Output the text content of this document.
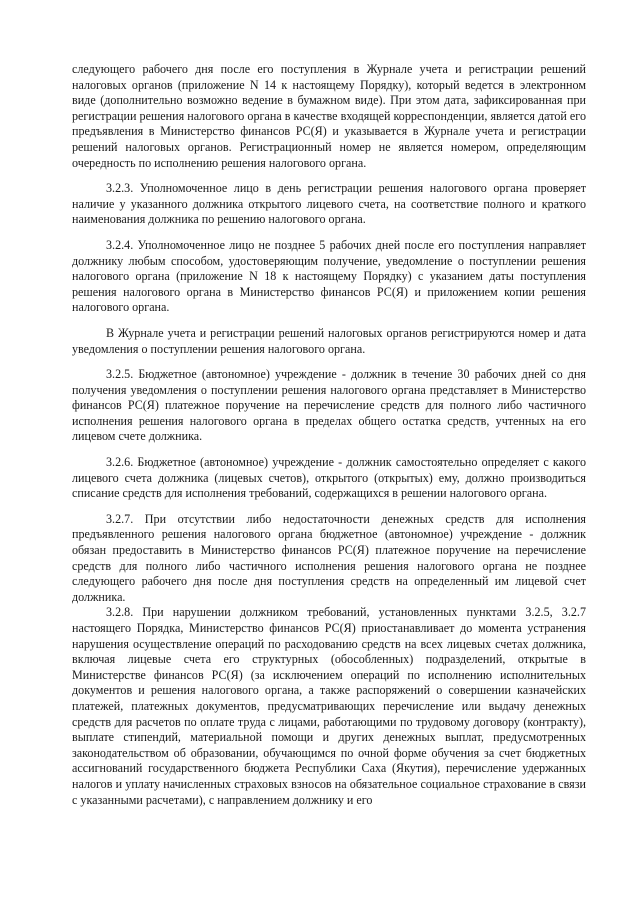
следующего рабочего дня после его поступления в Журнале учета и регистрации решений налоговых органов (приложение N 14 к настоящему Порядку), который ведется в электронном виде (дополнительно возможно ведение в бумажном виде). При этом дата, зафиксированная при регистрации решения налогового органа в качестве входящей корреспонденции, является датой его предъявления в Министерство финансов РС(Я) и указывается в Журнале учета и регистрации решений налоговых органов. Регистрационный номер не является номером, определяющим очередность по исполнению решения налогового органа.

3.2.3. Уполномоченное лицо в день регистрации решения налогового органа проверяет наличие у указанного должника открытого лицевого счета, на соответствие полного и краткого наименования должника по решению налогового органа.

3.2.4. Уполномоченное лицо не позднее 5 рабочих дней после его поступления направляет должнику любым способом, удостоверяющим получение, уведомление о поступлении решения налогового органа (приложение N 18 к настоящему Порядку) с указанием даты поступления решения налогового органа в Министерство финансов РС(Я) и приложением копии решения налогового органа.

В Журнале учета и регистрации решений налоговых органов регистрируются номер и дата уведомления о поступлении решения налогового органа.

3.2.5. Бюджетное (автономное) учреждение - должник в течение 30 рабочих дней со дня получения уведомления о поступлении решения налогового органа представляет в Министерство финансов РС(Я) платежное поручение на перечисление средств для полного либо частичного исполнения решения налогового органа в пределах общего остатка средств, учтенных на его лицевом счете должника.

3.2.6. Бюджетное (автономное) учреждение - должник самостоятельно определяет с какого лицевого счета должника (лицевых счетов), открытого (открытых) ему, должно производиться списание средств для исполнения требований, содержащихся в решении налогового органа.

3.2.7. При отсутствии либо недостаточности денежных средств для исполнения предъявленного решения налогового органа бюджетное (автономное) учреждение - должник обязан предоставить в Министерство финансов РС(Я) платежное поручение на перечисление средств для полного либо частичного исполнения решения налогового органа не позднее следующего рабочего дня после дня поступления средств на определенный им лицевой счет должника.

3.2.8. При нарушении должником требований, установленных пунктами 3.2.5, 3.2.7 настоящего Порядка, Министерство финансов РС(Я) приостанавливает до момента устранения нарушения осуществление операций по расходованию средств на всех лицевых счетах должника, включая лицевые счета его структурных (обособленных) подразделений, открытые в Министерстве финансов РС(Я) (за исключением операций по исполнению исполнительных документов и решения налогового органа, а также распоряжений о совершении казначейских платежей, платежных документов, предусматривающих перечисление или выдачу денежных средств для расчетов по оплате труда с лицами, работающими по трудовому договору (контракту), выплате стипендий, материальной помощи и других денежных выплат, предусмотренных законодательством об образовании, обучающимся по очной форме обучения за счет бюджетных ассигнований государственного бюджета Республики Саха (Якутия), перечисление удержанных налогов и уплату начисленных страховых взносов на обязательное социальное страхование в связи с указанными расчетами), с направлением должнику и его
